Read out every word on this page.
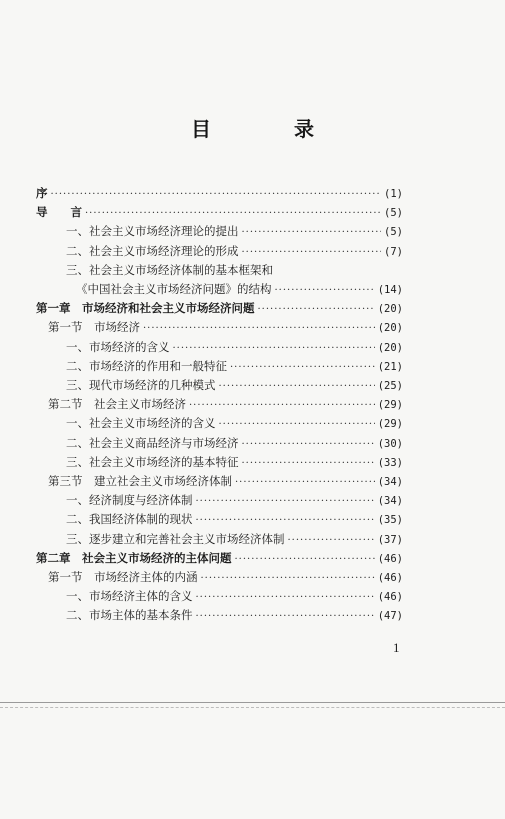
目 录
序 ·····	(1)
导　　言 ·····	(5)
一、社会主义市场经济理论的提出 ·····	(5)
二、社会主义市场经济理论的形成 ·····	(7)
三、社会主义市场经济体制的基本框架和
《中国社会主义市场经济问题》的结构 ·····	(14)
第一章　市场经济和社会主义市场经济问题 ·····	(20)
第一节　市场经济 ·····	(20)
一、市场经济的含义 ·····	(20)
二、市场经济的作用和一般特征 ·····	(21)
三、现代市场经济的几种模式 ·····	(25)
第二节　社会主义市场经济 ·····	(29)
一、社会主义市场经济的含义 ·····	(29)
二、社会主义商品经济与市场经济 ·····	(30)
三、社会主义市场经济的基本特征 ·····	(33)
第三节　建立社会主义市场经济体制 ·····	(34)
一、经济制度与经济体制 ·····	(34)
二、我国经济体制的现状 ·····	(35)
三、逐步建立和完善社会主义市场经济体制 ·····	(37)
第二章　社会主义市场经济的主体问题 ·····	(46)
第一节　市场经济主体的内涵 ·····	(46)
一、市场经济主体的含义 ·····	(46)
二、市场主体的基本条件 ·····	(47)
1
